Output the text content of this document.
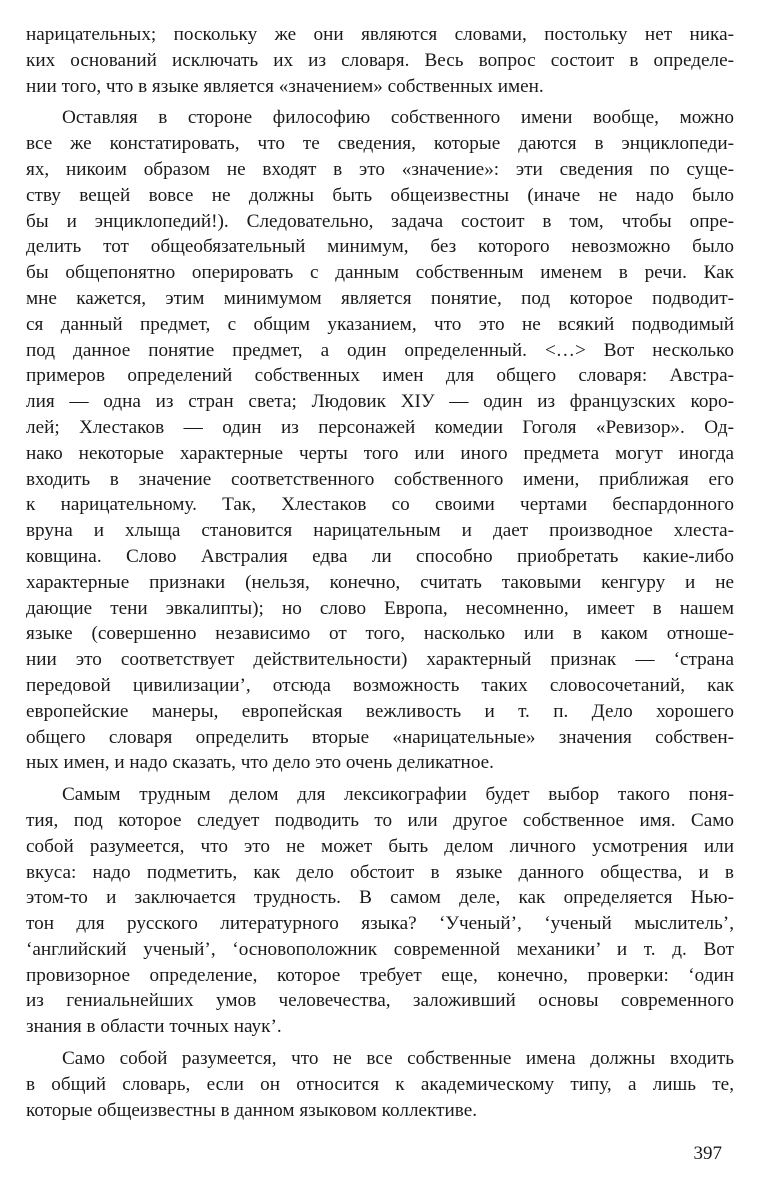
нарицательных; поскольку же они являются словами, постольку нет ника-
ких оснований исключать их из словаря. Весь вопрос состоит в определе-
нии того, что в языке является «значением» собственных имен.
Оставляя в стороне философию собственного имени вообще, можно
все же констатировать, что те сведения, которые даются в энциклопеди-
ях, никоим образом не входят в это «значение»: эти сведения по суще-
ству вещей вовсе не должны быть общеизвестны (иначе не надо было
бы и энциклопедий!). Следовательно, задача состоит в том, чтобы опре-
делить тот общеобязательный минимум, без которого невозможно было
бы общепонятно оперировать с данным собственным именем в речи. Как
мне кажется, этим минимумом является понятие, под которое подводит-
ся данный предмет, с общим указанием, что это не всякий подводимый
под данное понятие предмет, а один определенный. <…> Вот несколько
примеров определений собственных имен для общего словаря: Австра-
лия — одна из стран света; Людовик XIУ — один из французских коро-
лей; Хлестаков — один из персонажей комедии Гоголя «Ревизор». Од-
нако некоторые характерные черты того или иного предмета могут иногда
входить в значение соответственного собственного имени, приближая его
к нарицательному. Так, Хлестаков со своими чертами беспардонного
вруна и хлыща становится нарицательным и дает производное хлеста-
ковщина. Слово Австралия едва ли способно приобретать какие-либо
характерные признаки (нельзя, конечно, считать таковыми кенгуру и не
дающие тени эвкалипты); но слово Европа, несомненно, имеет в нашем
языке (совершенно независимо от того, насколько или в каком отноше-
нии это соответствует действительности) характерный признак — ‘страна
передовой цивилизации’, отсюда возможность таких словосочетаний, как
европейские манеры, европейская вежливость и т. п. Дело хорошего
общего словаря определить вторые «нарицательные» значения собствен-
ных имен, и надо сказать, что дело это очень деликатное.
Самым трудным делом для лексикографии будет выбор такого поня-
тия, под которое следует подводить то или другое собственное имя. Само
собой разумеется, что это не может быть делом личного усмотрения или
вкуса: надо подметить, как дело обстоит в языке данного общества, и в
этом-то и заключается трудность. В самом деле, как определяется Нью-
тон для русского литературного языка? ‘Ученый’, ‘ученый мыслитель’,
‘английский ученый’, ‘основоположник современной механики’ и т. д. Вот
провизорное определение, которое требует еще, конечно, проверки: ‘один
из гениальнейших умов человечества, заложивший основы современного
знания в области точных наук’.
Само собой разумеется, что не все собственные имена должны входить
в общий словарь, если он относится к академическому типу, а лишь те,
которые общеизвестны в данном языковом коллективе.
397
